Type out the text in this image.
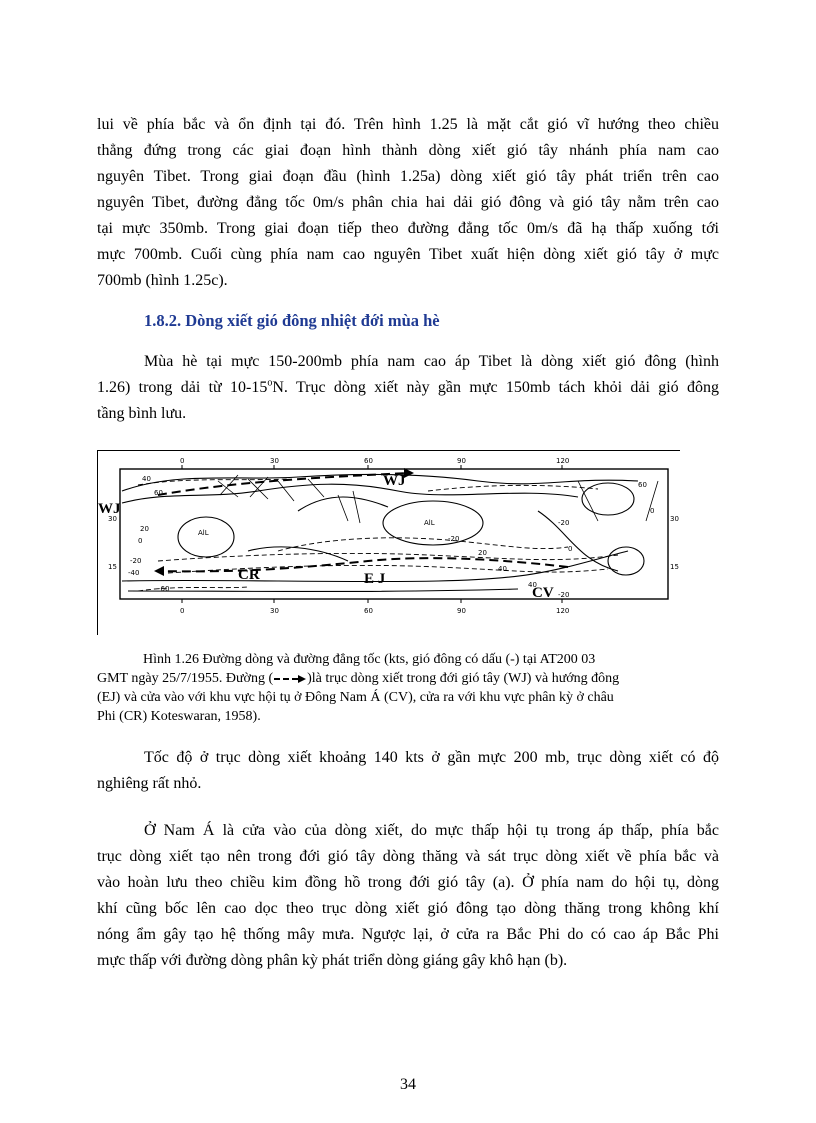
lui về phía bắc và ổn định tại đó. Trên hình 1.25 là mặt cắt gió vĩ hướng theo chiều
thẳng đứng trong các giai đoạn hình thành dòng xiết gió tây nhánh phía nam cao
nguyên Tibet. Trong giai đoạn đầu (hình 1.25a) dòng xiết gió tây phát triển trên cao
nguyên Tibet, đường đẳng tốc 0m/s phân chia hai dải gió đông và gió tây nằm trên cao
tại mực 350mb. Trong giai đoạn tiếp theo đường đẳng tốc 0m/s đã hạ thấp xuống tới
mực 700mb. Cuối cùng phía nam cao nguyên Tibet xuất hiện dòng xiết gió tây ở mực
700mb (hình 1.25c).

1.8.2. Dòng xiết gió đông nhiệt đới mùa hè

Mùa hè tại mực 150-200mb phía nam cao áp Tibet là dòng xiết gió đông (hình
1.26) trong dải từ 10-15$^o$N. Trục dòng xiết này gần mực 150mb tách khỏi dải gió đông
tầng bình lưu.

0	30	60	90	120
0	30	60	90	120
30
15
30
15
40
60
20
0
-20
-40
-60
-20
20
40
60
0
-20
40
0
-20
AlL
AlL
WJ
WJ
CR	E J
CV

Hình 1.26 Đường dòng và đường đẳng tốc (kts, gió đông có dấu (-) tại AT200 03
GMT ngày 25/7/1955. Đường ( )là trục dòng xiết trong đới gió tây (WJ) và hướng đông
(EJ) và cửa vào với khu vực hội tụ ở Đông Nam Á (CV), cửa ra với khu vực phân kỳ ở châu
Phi (CR) Koteswaran, 1958).

Tốc độ ở trục dòng xiết khoảng 140 kts ở gần mực 200 mb, trục dòng xiết có độ
nghiêng rất nhỏ.

Ở Nam Á là cửa vào của dòng xiết, do mực thấp hội tụ trong áp thấp, phía bắc
trục dòng xiết tạo nên trong đới gió tây dòng thăng và sát trục dòng xiết về phía bắc và
vào hoàn lưu theo chiều kim đồng hồ trong đới gió tây (a). Ở phía nam do hội tụ, dòng
khí cũng bốc lên cao dọc theo trục dòng xiết gió đông tạo dòng thăng trong không khí
nóng ẩm gây tạo hệ thống mây mưa. Ngược lại, ở cửa ra Bắc Phi do có cao áp Bắc Phi
mực thấp với đường dòng phân kỳ phát triển dòng giáng gây khô hạn (b).

34
